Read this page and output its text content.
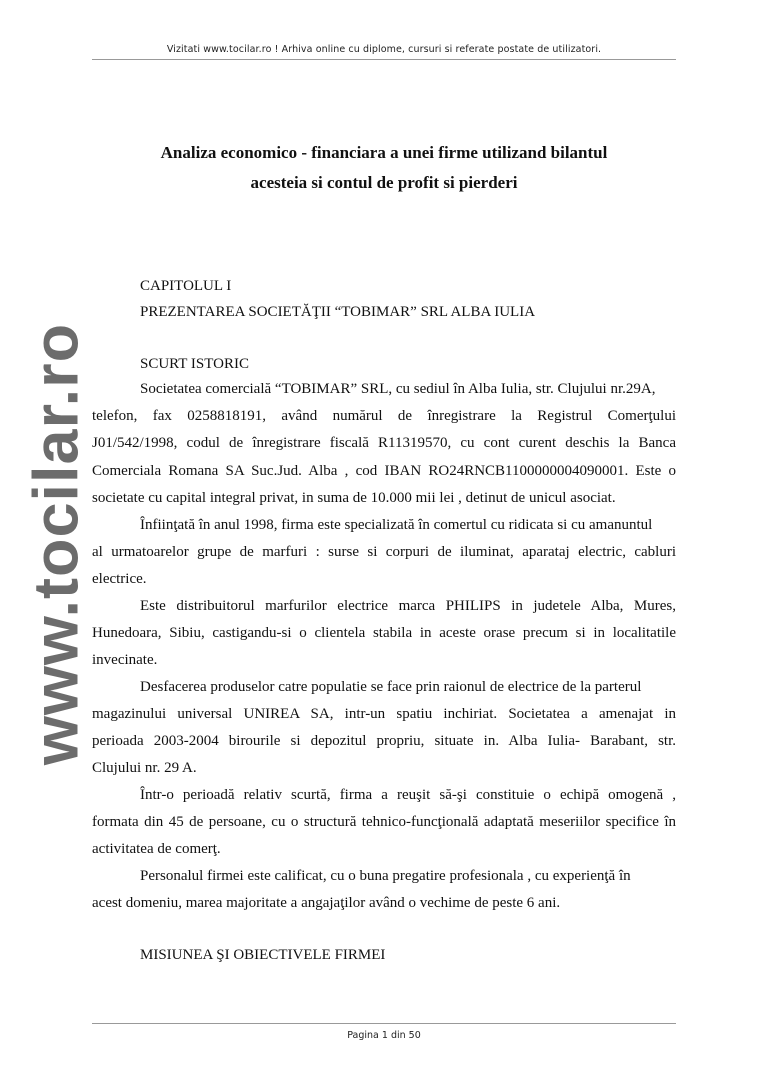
Vizitati www.tocilar.ro ! Arhiva online cu diplome, cursuri si referate postate de utilizatori.
www.tocilar.ro
Analiza economico - financiara a unei firme utilizand bilantul
acesteia si contul de profit si pierderi
CAPITOLUL I
PREZENTAREA SOCIETĂŢII “TOBIMAR” SRL ALBA IULIA
SCURT ISTORIC
Societatea comercială “TOBIMAR” SRL, cu sediul în Alba Iulia, str. Clujului nr.29A,
telefon, fax 0258818191, având numărul de înregistrare la Registrul Comerţului
J01/542/1998, codul de înregistrare fiscală R11319570, cu cont curent deschis la Banca
Comerciala Romana SA Suc.Jud. Alba , cod IBAN RO24RNCB1100000004090001. Este o
societate cu capital integral privat, in suma de 10.000 mii lei , detinut de unicul asociat.
Înfiinţată în anul 1998, firma este specializată în comertul cu ridicata si cu amanuntul
al urmatoarelor grupe de marfuri : surse si corpuri de iluminat, aparataj electric, cabluri
electrice.
Este distribuitorul marfurilor electrice marca PHILIPS in judetele Alba, Mures,
Hunedoara, Sibiu, castigandu-si o clientela stabila in aceste orase precum si in localitatile
invecinate.
Desfacerea produselor catre populatie se face prin raionul de electrice de la parterul
magazinului universal UNIREA SA, intr-un spatiu inchiriat. Societatea a amenajat in
perioada 2003-2004 birourile si depozitul propriu, situate in. Alba Iulia- Barabant, str.
Clujului nr. 29 A.
Într-o perioadă relativ scurtă, firma a reuşit să-şi constituie o echipă omogenă ,
formata din 45 de persoane, cu o structură tehnico-funcţională adaptată meseriilor specifice în
activitatea de comerţ.
Personalul firmei este calificat, cu o buna pregatire profesionala , cu experienţă în
acest domeniu, marea majoritate a angajaţilor având o vechime de peste 6 ani.
MISIUNEA ŞI OBIECTIVELE FIRMEI
Pagina 1 din 50
